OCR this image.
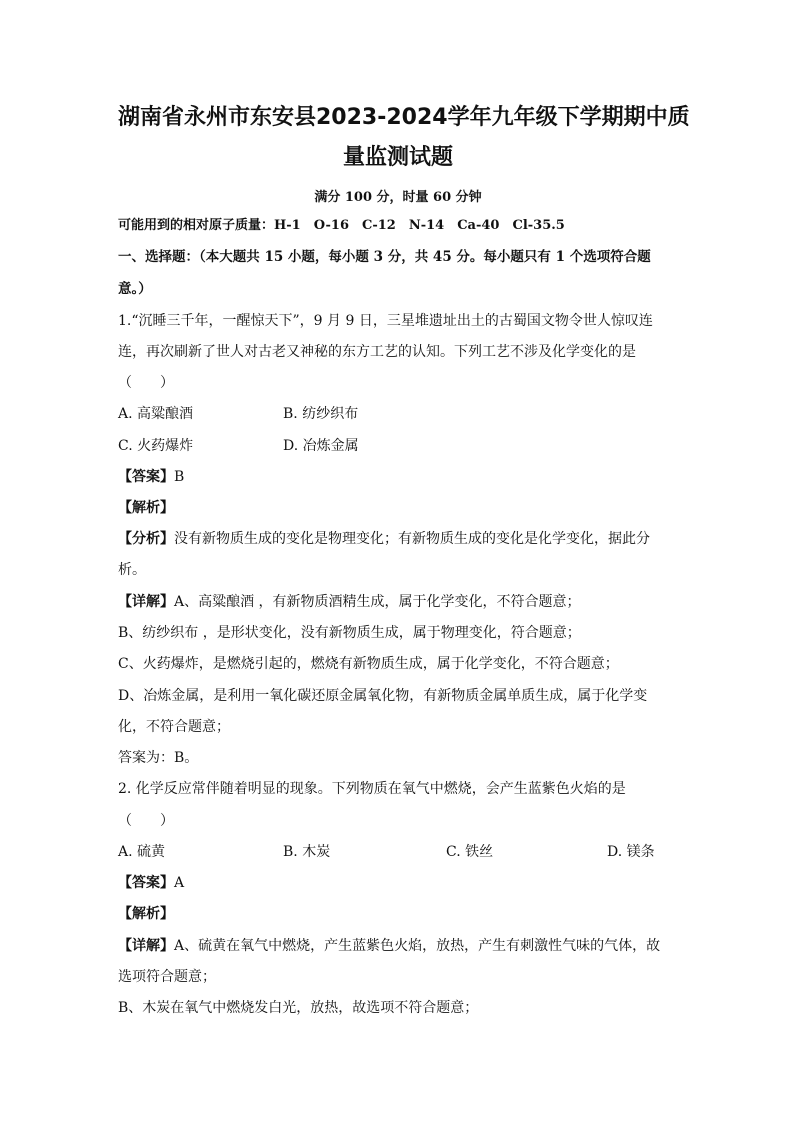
湖南省永州市东安县2023-2024学年九年级下学期期中质
量监测试题
满分 100 分，时量 60 分钟
可能用到的相对原子质量：H-1　O-16　C-12　N-14　Ca-40　Cl-35.5
一、选择题：（本大题共 15 小题，每小题 3 分，共 45 分。每小题只有 1 个选项符合题
意。）
1.“沉睡三千年，一醒惊天下”，9 月 9 日，三星堆遗址出土的古蜀国文物令世人惊叹连
连，再次刷新了世人对古老又神秘的东方工艺的认知。下列工艺不涉及化学变化的是
（　　）
A. 高粱酿酒	B. 纺纱织布
C. 火药爆炸	D. 冶炼金属
【答案】B
【解析】
【分析】没有新物质生成的变化是物理变化；有新物质生成的变化是化学变化，据此分
析。
【详解】A、高粱酿酒 ，有新物质酒精生成，属于化学变化，不符合题意；
B、纺纱织布 ，是形状变化，没有新物质生成，属于物理变化，符合题意；
C、火药爆炸，是燃烧引起的，燃烧有新物质生成，属于化学变化，不符合题意；
D、冶炼金属，是利用一氧化碳还原金属氧化物，有新物质金属单质生成，属于化学变
化，不符合题意；
答案为：B。
2. 化学反应常伴随着明显的现象。下列物质在氧气中燃烧，会产生蓝紫色火焰的是
（　　）
A. 硫黄	B. 木炭	C. 铁丝	D. 镁条
【答案】A
【解析】
【详解】A、硫黄在氧气中燃烧，产生蓝紫色火焰，放热，产生有刺激性气味的气体，故
选项符合题意；
B、木炭在氧气中燃烧发白光，放热，故选项不符合题意；
